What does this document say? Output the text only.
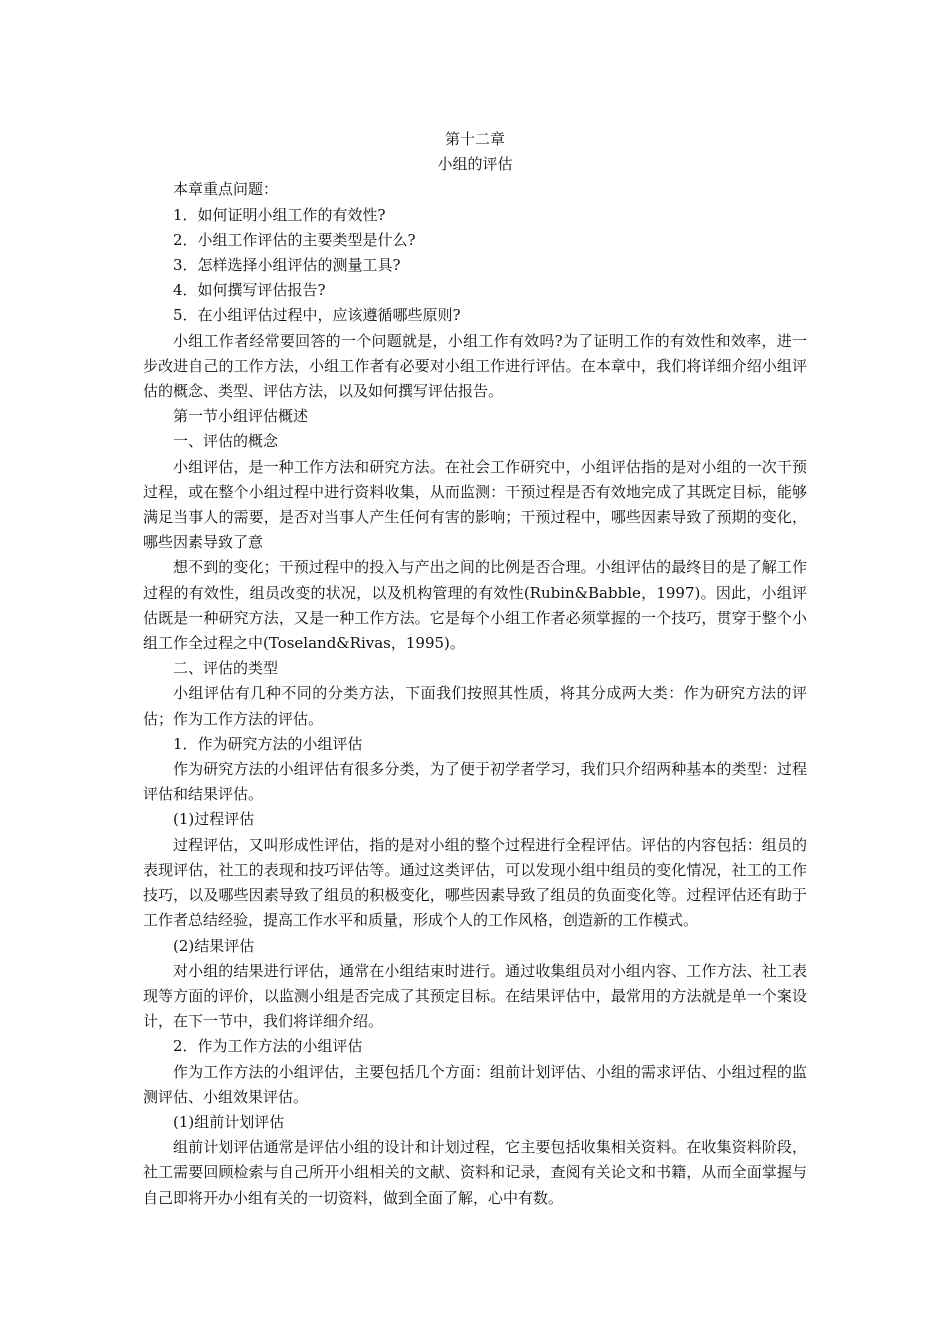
第十二章
小组的评估
本章重点问题：
1．如何证明小组工作的有效性?
2．小组工作评估的主要类型是什么?
3．怎样选择小组评估的测量工具?
4．如何撰写评估报告?
5．在小组评估过程中，应该遵循哪些原则?

小组工作者经常要回答的一个问题就是，小组工作有效吗?为了证明工作的有效性和效率，进一步改进自己的工作方法，小组工作者有必要对小组工作进行评估。在本章中，我们将详细介绍小组评估的概念、类型、评估方法，以及如何撰写评估报告。

第一节小组评估概述
一、评估的概念

小组评估，是一种工作方法和研究方法。在社会工作研究中，小组评估指的是对小组的一次干预过程，或在整个小组过程中进行资料收集，从而监测：干预过程是否有效地完成了其既定目标，能够满足当事人的需要，是否对当事人产生任何有害的影响；干预过程中，哪些因素导致了预期的变化，哪些因素导致了意

想不到的变化；干预过程中的投入与产出之间的比例是否合理。小组评估的最终目的是了解工作过程的有效性，组员改变的状况，以及机构管理的有效性(Rubin&Babble，1997)。因此，小组评估既是一种研究方法，又是一种工作方法。它是每个小组工作者必须掌握的一个技巧，贯穿于整个小组工作全过程之中(Toseland&Rivas，1995)。

二、评估的类型

小组评估有几种不同的分类方法，下面我们按照其性质，将其分成两大类：作为研究方法的评估；作为工作方法的评估。

1．作为研究方法的小组评估

作为研究方法的小组评估有很多分类，为了便于初学者学习，我们只介绍两种基本的类型：过程评估和结果评估。

(1)过程评估

过程评估，又叫形成性评估，指的是对小组的整个过程进行全程评估。评估的内容包括：组员的表现评估，社工的表现和技巧评估等。通过这类评估，可以发现小组中组员的变化情况，社工的工作技巧，以及哪些因素导致了组员的积极变化，哪些因素导致了组员的负面变化等。过程评估还有助于工作者总结经验，提高工作水平和质量，形成个人的工作风格，创造新的工作模式。

(2)结果评估

对小组的结果进行评估，通常在小组结束时进行。通过收集组员对小组内容、工作方法、社工表现等方面的评价，以监测小组是否完成了其预定目标。在结果评估中，最常用的方法就是单一个案设计，在下一节中，我们将详细介绍。

2．作为工作方法的小组评估

作为工作方法的小组评估，主要包括几个方面：组前计划评估、小组的需求评估、小组过程的监测评估、小组效果评估。

(1)组前计划评估

组前计划评估通常是评估小组的设计和计划过程，它主要包括收集相关资料。在收集资料阶段，社工需要回顾检索与自己所开小组相关的文献、资料和记录，查阅有关论文和书籍，从而全面掌握与自己即将开办小组有关的一切资料，做到全面了解，心中有数。
